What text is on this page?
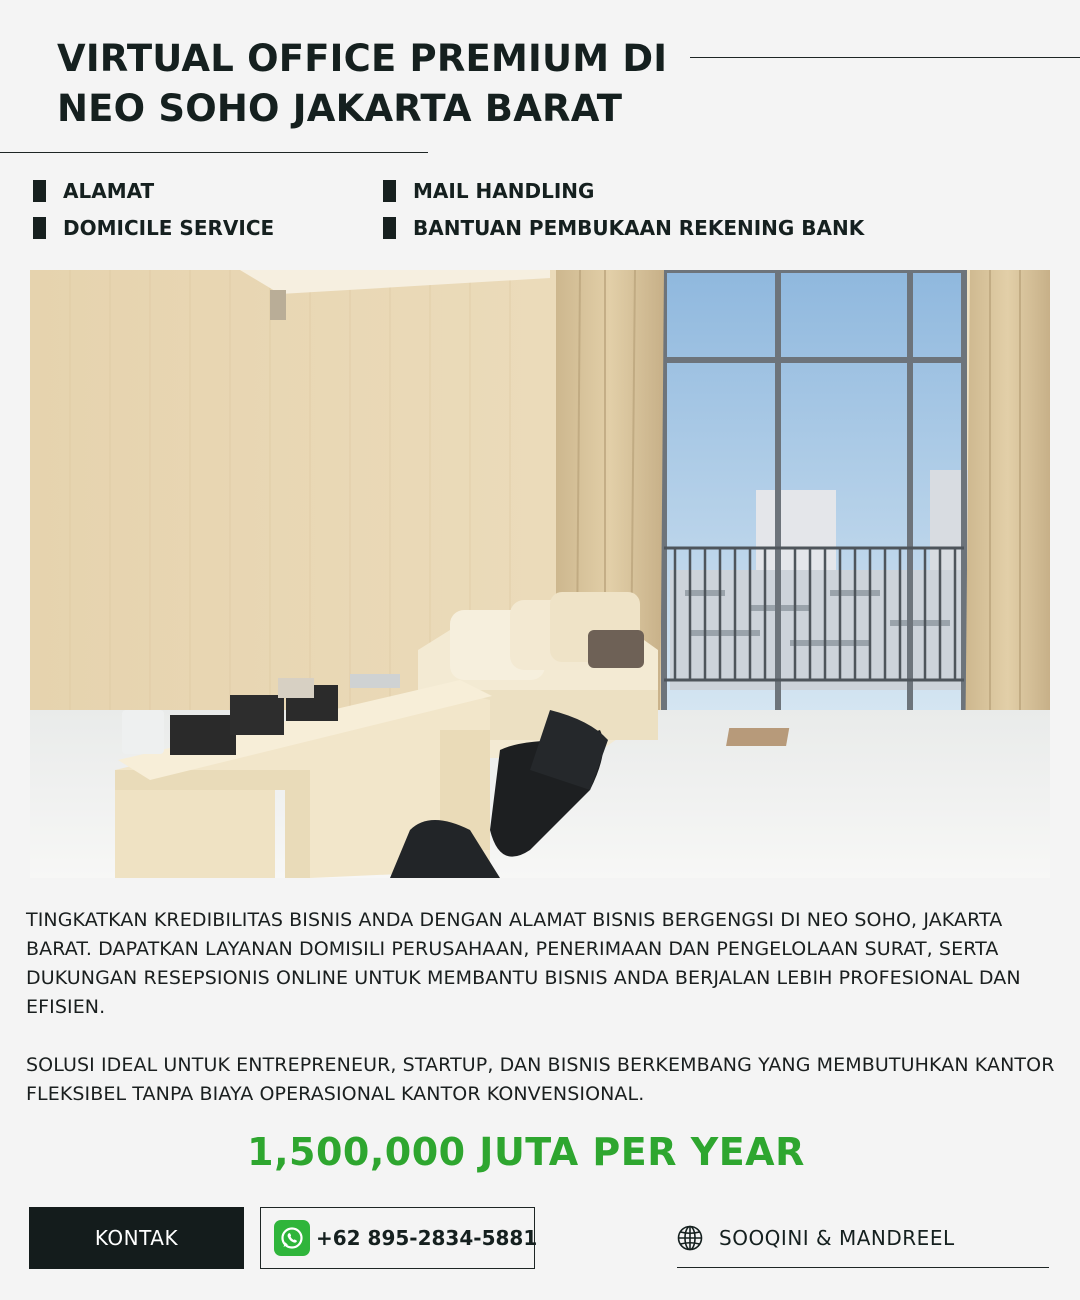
VIRTUAL OFFICE PREMIUM DI
NEO SOHO JAKARTA BARAT
ALAMAT	MAIL HANDLING
DOMICILE SERVICE	BANTUAN PEMBUKAAN REKENING BANK

TINGKATKAN KREDIBILITAS BISNIS ANDA DENGAN ALAMAT BISNIS BERGENGSI DI NEO SOHO, JAKARTA BARAT. DAPATKAN LAYANAN DOMISILI PERUSAHAAN, PENERIMAAN DAN PENGELOLAAN SURAT, SERTA DUKUNGAN RESEPSIONIS ONLINE UNTUK MEMBANTU BISNIS ANDA BERJALAN LEBIH PROFESIONAL DAN EFISIEN.

SOLUSI IDEAL UNTUK ENTREPRENEUR, STARTUP, DAN BISNIS BERKEMBANG YANG MEMBUTUHKAN KANTOR FLEKSIBEL TANPA BIAYA OPERASIONAL KANTOR KONVENSIONAL.

1,500,000 JUTA PER YEAR
KONTAK	+62 895-2834-5881	SOOQINI & MANDREEL
